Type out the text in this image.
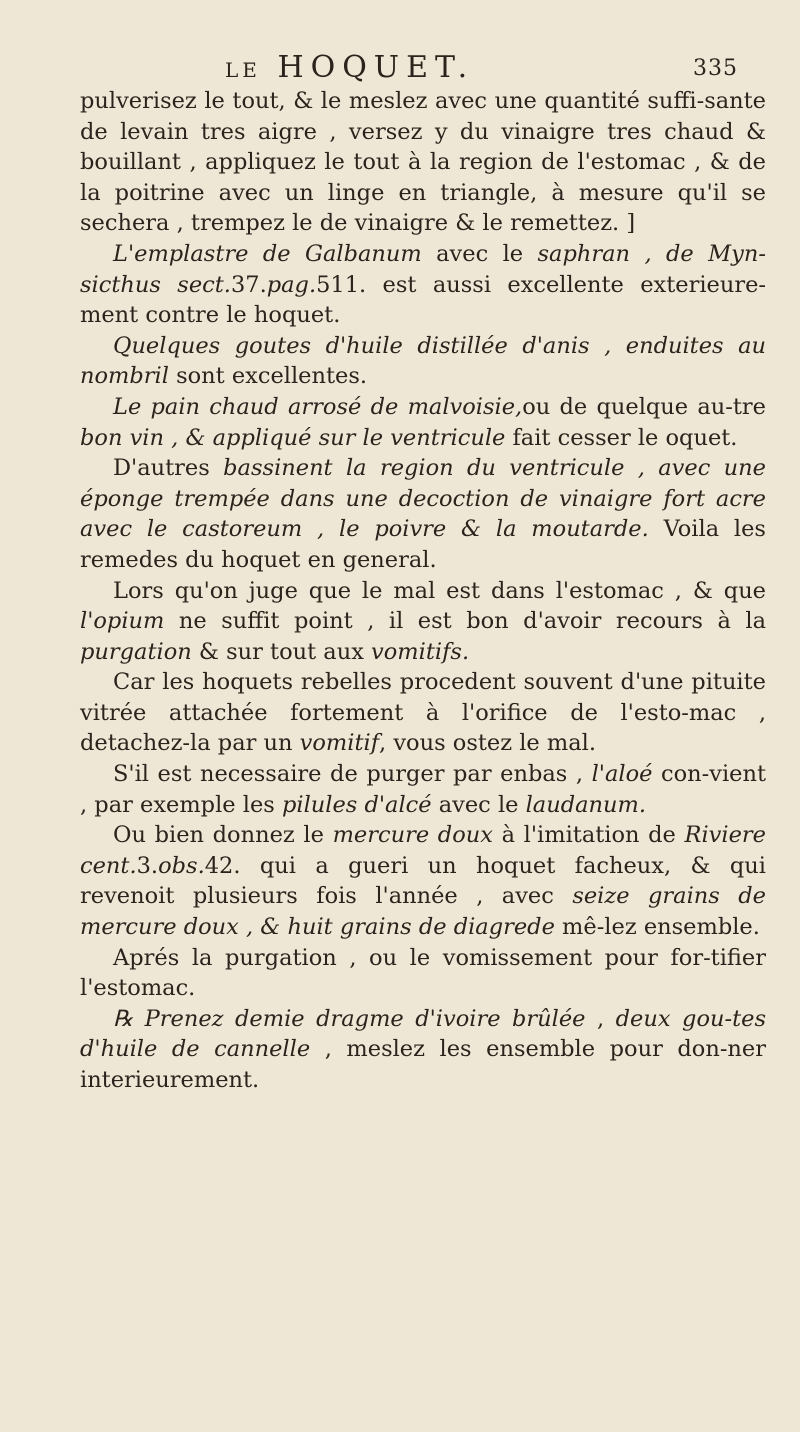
LE HOQUET.	335

pulverisez le tout, & le meslez avec une quantité suffi-sante de levain tres aigre , versez y du vinaigre tres chaud & bouillant , appliquez le tout à la region de l'estomac , & de la poitrine avec un linge en triangle, à mesure qu'il se sechera , trempez le de vinaigre & le remettez. ]

L'emplastre de Galbanum avec le saphran , de Myn-sicthus sect.37.pag.511. est aussi excellente exterieure-ment contre le hoquet.

Quelques goutes d'huile distillée d'anis , enduites au nombril sont excellentes.

Le pain chaud arrosé de malvoisie,ou de quelque au-tre bon vin , & appliqué sur le ventricule fait cesser le oquet.

D'autres bassinent la region du ventricule , avec une éponge trempée dans une decoction de vinaigre fort acre avec le castoreum , le poivre & la moutarde. Voila les remedes du hoquet en general.

Lors qu'on juge que le mal est dans l'estomac , & que l'opium ne suffit point , il est bon d'avoir recours à la purgation & sur tout aux vomitifs.

Car les hoquets rebelles procedent souvent d'une pituite vitrée attachée fortement à l'orifice de l'esto-mac , detachez-la par un vomitif, vous ostez le mal.

S'il est necessaire de purger par enbas , l'aloé con-vient , par exemple les pilules d'alcé avec le laudanum.

Ou bien donnez le mercure doux à l'imitation de Riviere cent.3.obs.42. qui a gueri un hoquet facheux, & qui revenoit plusieurs fois l'année , avec seize grains de mercure doux , & huit grains de diagrede mê-lez ensemble.

Aprés la purgation , ou le vomissement pour for-tifier l'estomac.

℞ Prenez demie dragme d'ivoire brûlée , deux gou-tes d'huile de cannelle , meslez les ensemble pour don-ner interieurement.
